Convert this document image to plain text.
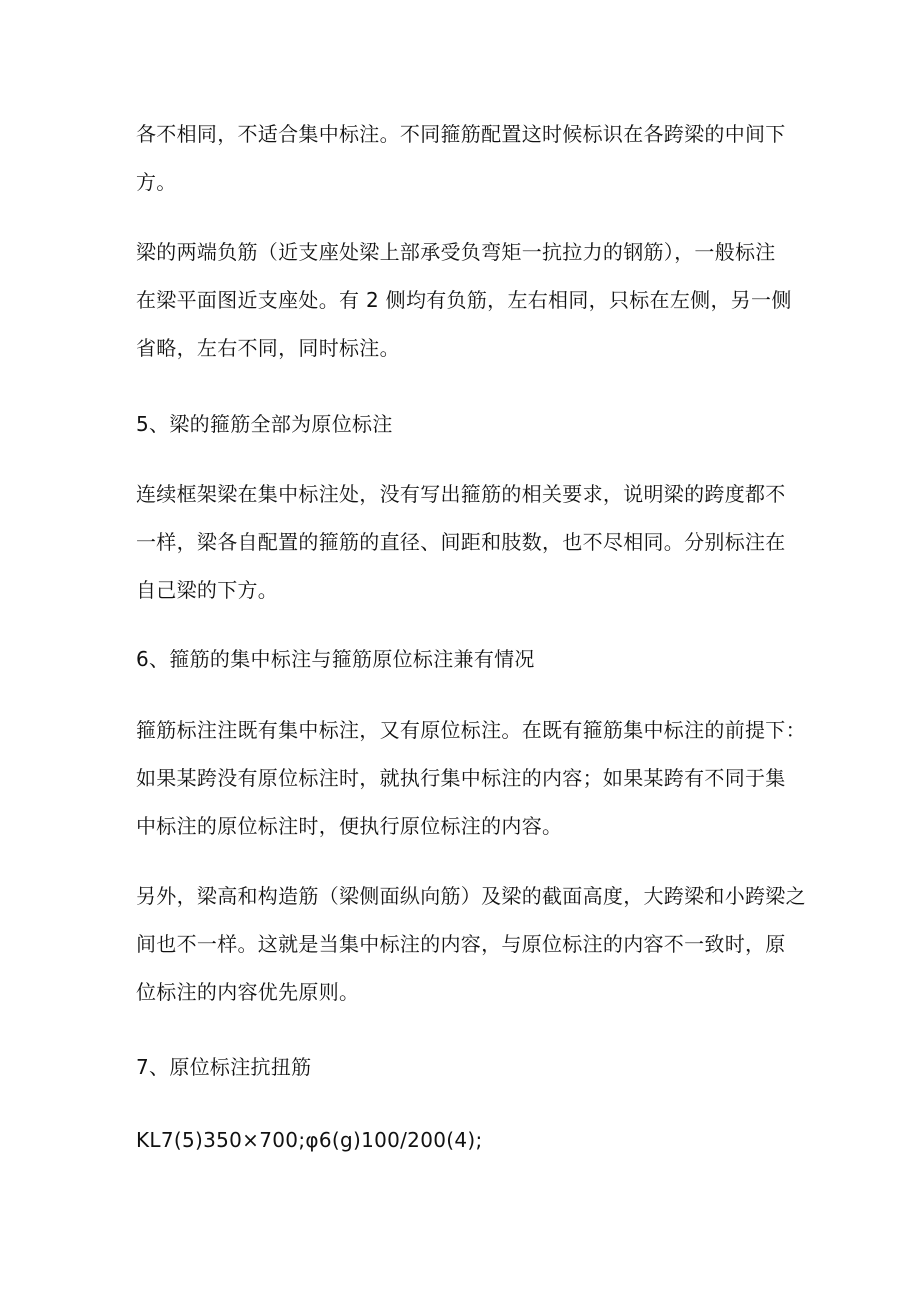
各不相同，不适合集中标注。不同箍筋配置这时候标识在各跨梁的中间下
方。
梁的两端负筋（近支座处梁上部承受负弯矩一抗拉力的钢筋），一般标注
在梁平面图近支座处。有 2 侧均有负筋，左右相同，只标在左侧，另一侧
省略，左右不同，同时标注。
5、梁的箍筋全部为原位标注
连续框架梁在集中标注处，没有写出箍筋的相关要求，说明梁的跨度都不
一样，梁各自配置的箍筋的直径、间距和肢数，也不尽相同。分别标注在
自己梁的下方。
6、箍筋的集中标注与箍筋原位标注兼有情况
箍筋标注注既有集中标注，又有原位标注。在既有箍筋集中标注的前提下：
如果某跨没有原位标注时，就执行集中标注的内容；如果某跨有不同于集
中标注的原位标注时，便执行原位标注的内容。
另外，梁高和构造筋（梁侧面纵向筋）及梁的截面高度，大跨梁和小跨梁之
间也不一样。这就是当集中标注的内容，与原位标注的内容不一致时，原
位标注的内容优先原则。
7、原位标注抗扭筋
KL7(5)350×700;φ6(g)100/200(4);
